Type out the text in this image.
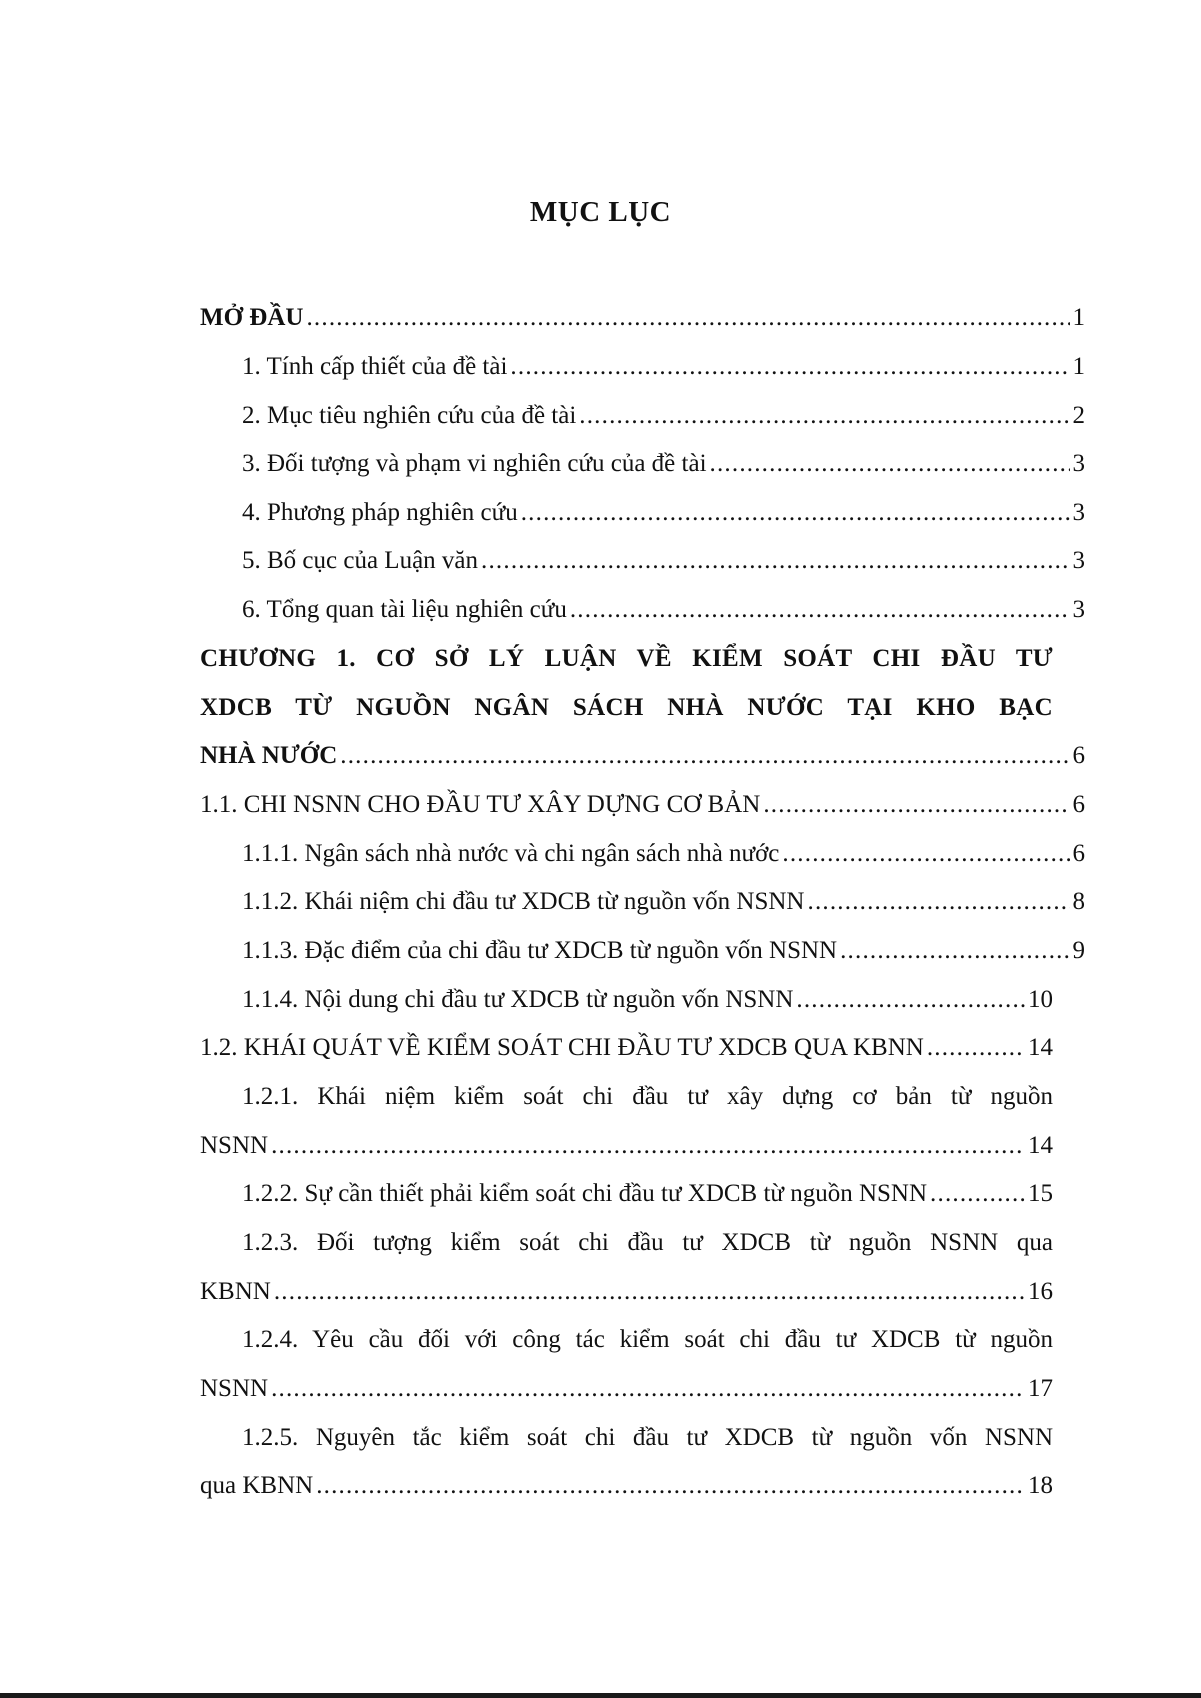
MỤC LỤC
MỞ ĐẦU .....	1
1. Tính cấp thiết của đề tài .....	1
2. Mục tiêu nghiên cứu của đề tài .....	2
3. Đối tượng và phạm vi nghiên cứu của đề tài .....	3
4. Phương pháp nghiên cứu .....	3
5. Bố cục của Luận văn .....	3
6. Tổng quan tài liệu nghiên cứu .....	3
CHƯƠNG 1. CƠ SỞ LÝ LUẬN VỀ KIỂM SOÁT CHI ĐẦU TƯ
XDCB TỪ NGUỒN NGÂN SÁCH NHÀ NƯỚC TẠI KHO BẠC
NHÀ NƯỚC .....	6
1.1. CHI NSNN CHO ĐẦU TƯ XÂY DỰNG CƠ BẢN .....	6
1.1.1. Ngân sách nhà nước và chi ngân sách nhà nước .....	6
1.1.2. Khái niệm chi đầu tư XDCB từ nguồn vốn NSNN .....	8
1.1.3. Đặc điểm của chi đầu tư XDCB từ nguồn vốn NSNN .....	9
1.1.4. Nội dung chi đầu tư XDCB từ nguồn vốn NSNN .....	10
1.2. KHÁI QUÁT VỀ KIỂM SOÁT CHI ĐẦU TƯ XDCB QUA KBNN .....	14
1.2.1. Khái niệm kiểm soát chi đầu tư xây dựng cơ bản từ nguồn
NSNN .....	14
1.2.2. Sự cần thiết phải kiểm soát chi đầu tư XDCB từ nguồn NSNN .....	15
1.2.3. Đối tượng kiểm soát chi đầu tư XDCB từ nguồn NSNN qua
KBNN .....	16
1.2.4. Yêu cầu đối với công tác kiểm soát chi đầu tư XDCB từ nguồn
NSNN .....	17
1.2.5. Nguyên tắc kiểm soát chi đầu tư XDCB từ nguồn vốn NSNN
qua KBNN .....	18
